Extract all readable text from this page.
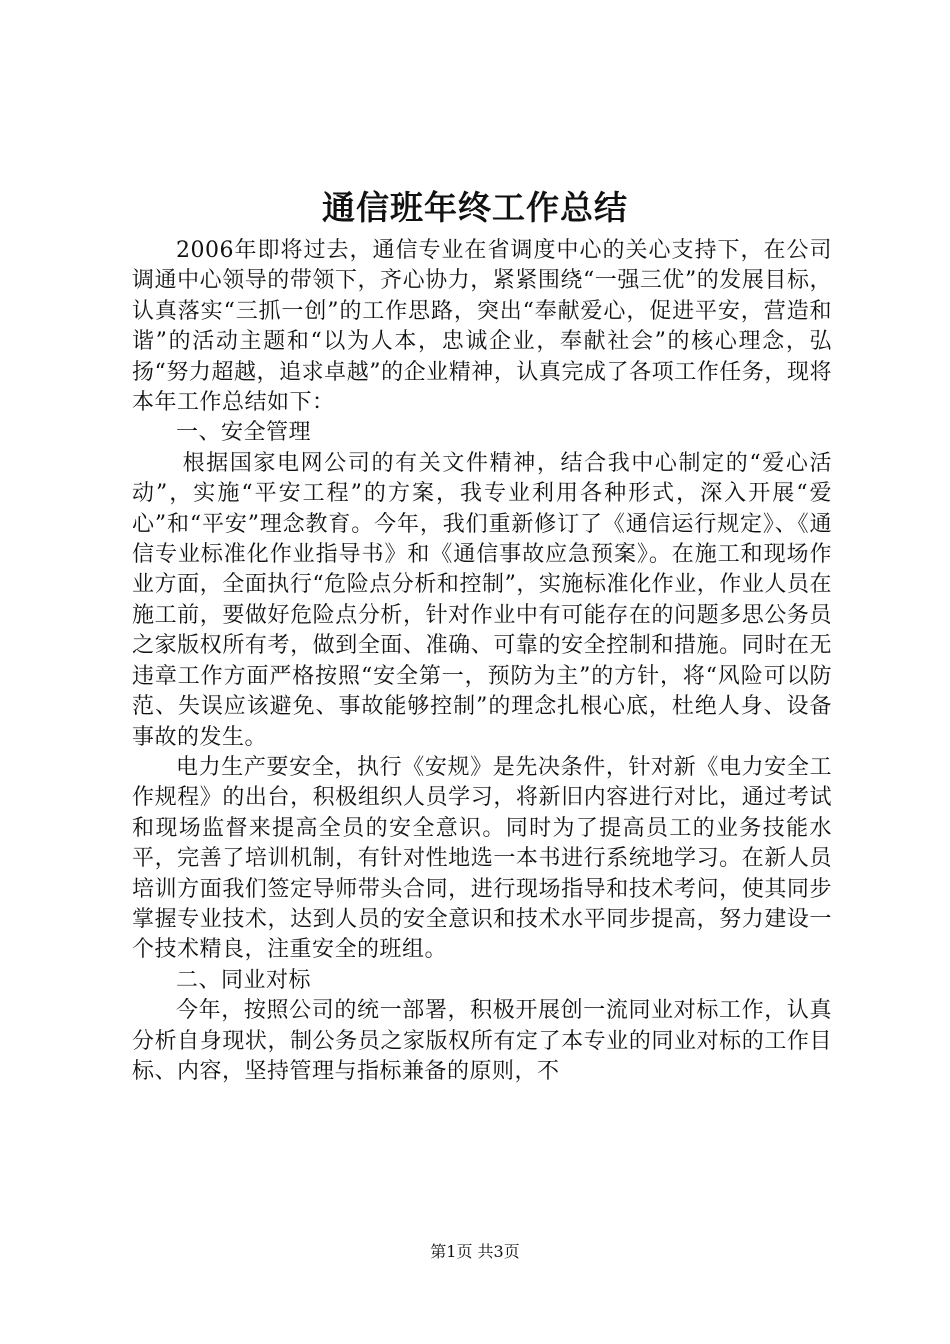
通信班年终工作总结

2006年即将过去，通信专业在省调度中心的关心支持下，在公司调通中心领导的带领下，齐心协力，紧紧围绕“一强三优”的发展目标，认真落实“三抓一创”的工作思路，突出“奉献爱心，促进平安，营造和谐”的活动主题和“以为人本，忠诚企业，奉献社会”的核心理念，弘扬“努力超越，追求卓越”的企业精神，认真完成了各项工作任务，现将本年工作总结如下：

一、安全管理

根据国家电网公司的有关文件精神，结合我中心制定的“爱心活动”，实施“平安工程”的方案，我专业利用各种形式，深入开展“爱心”和“平安”理念教育。今年，我们重新修订了《通信运行规定》、《通信专业标准化作业指导书》和《通信事故应急预案》。在施工和现场作业方面，全面执行“危险点分析和控制”，实施标准化作业，作业人员在施工前，要做好危险点分析，针对作业中有可能存在的问题多思公务员之家版权所有考，做到全面、准确、可靠的安全控制和措施。同时在无违章工作方面严格按照“安全第一，预防为主”的方针，将“风险可以防范、失误应该避免、事故能够控制”的理念扎根心底，杜绝人身、设备事故的发生。

电力生产要安全，执行《安规》是先决条件，针对新《电力安全工作规程》的出台，积极组织人员学习，将新旧内容进行对比，通过考试和现场监督来提高全员的安全意识。同时为了提高员工的业务技能水平，完善了培训机制，有针对性地选一本书进行系统地学习。在新人员培训方面我们签定导师带头合同，进行现场指导和技术考问，使其同步掌握专业技术，达到人员的安全意识和技术水平同步提高，努力建设一个技术精良，注重安全的班组。

二、同业对标

今年，按照公司的统一部署，积极开展创一流同业对标工作，认真分析自身现状，制公务员之家版权所有定了本专业的同业对标的工作目标、内容，坚持管理与指标兼备的原则，不

第1页 共3页
